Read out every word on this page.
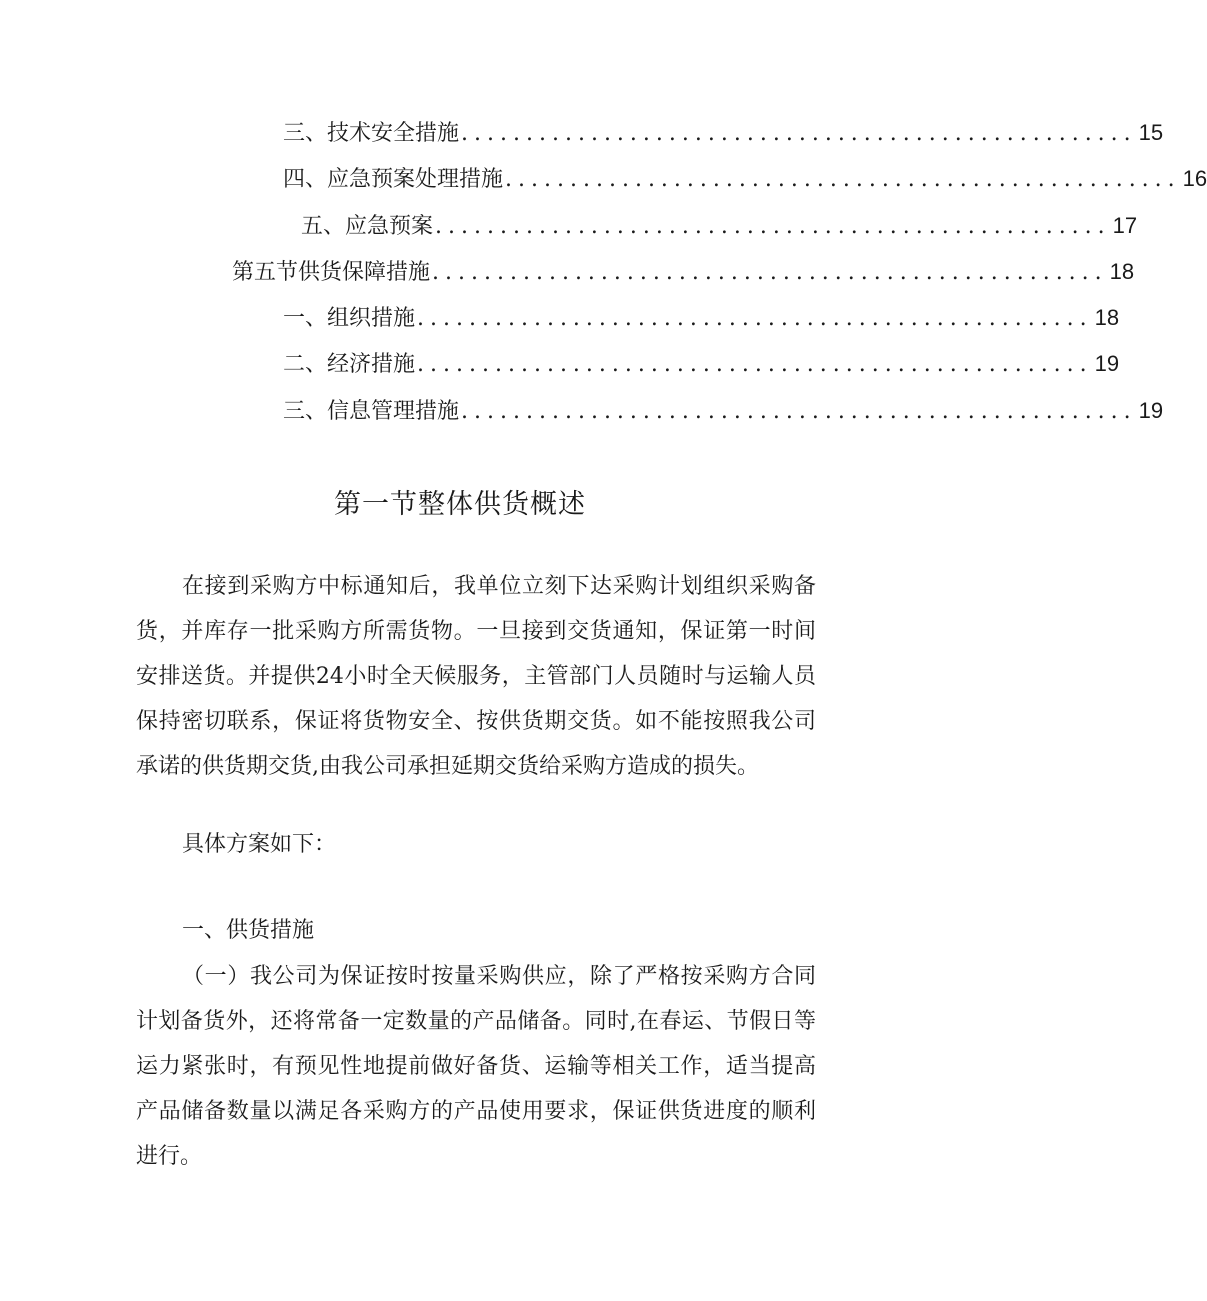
三、技术安全措施 .................................................... 15
四、应急预案处理措施 .................................................... 16
五、应急预案 .................................................... 17
第五节供货保障措施 .................................................... 18
一、组织措施 .................................................... 18
二、经济措施 .................................................... 19
三、信息管理措施 .................................................... 19
第一节整体供货概述

在接到采购方中标通知后，我单位立刻下达采购计划组织采购备货，并库存一批采购方所需货物。一旦接到交货通知，保证第一时间安排送货。并提供24小时全天候服务，主管部门人员随时与运输人员保持密切联系，保证将货物安全、按供货期交货。如不能按照我公司承诺的供货期交货,由我公司承担延期交货给采购方造成的损失。

具体方案如下：

一、供货措施

（一）我公司为保证按时按量采购供应，除了严格按采购方合同计划备货外，还将常备一定数量的产品储备。同时,在春运、节假日等运力紧张时，有预见性地提前做好备货、运输等相关工作，适当提高产品储备数量以满足各采购方的产品使用要求，保证供货进度的顺利进行。
